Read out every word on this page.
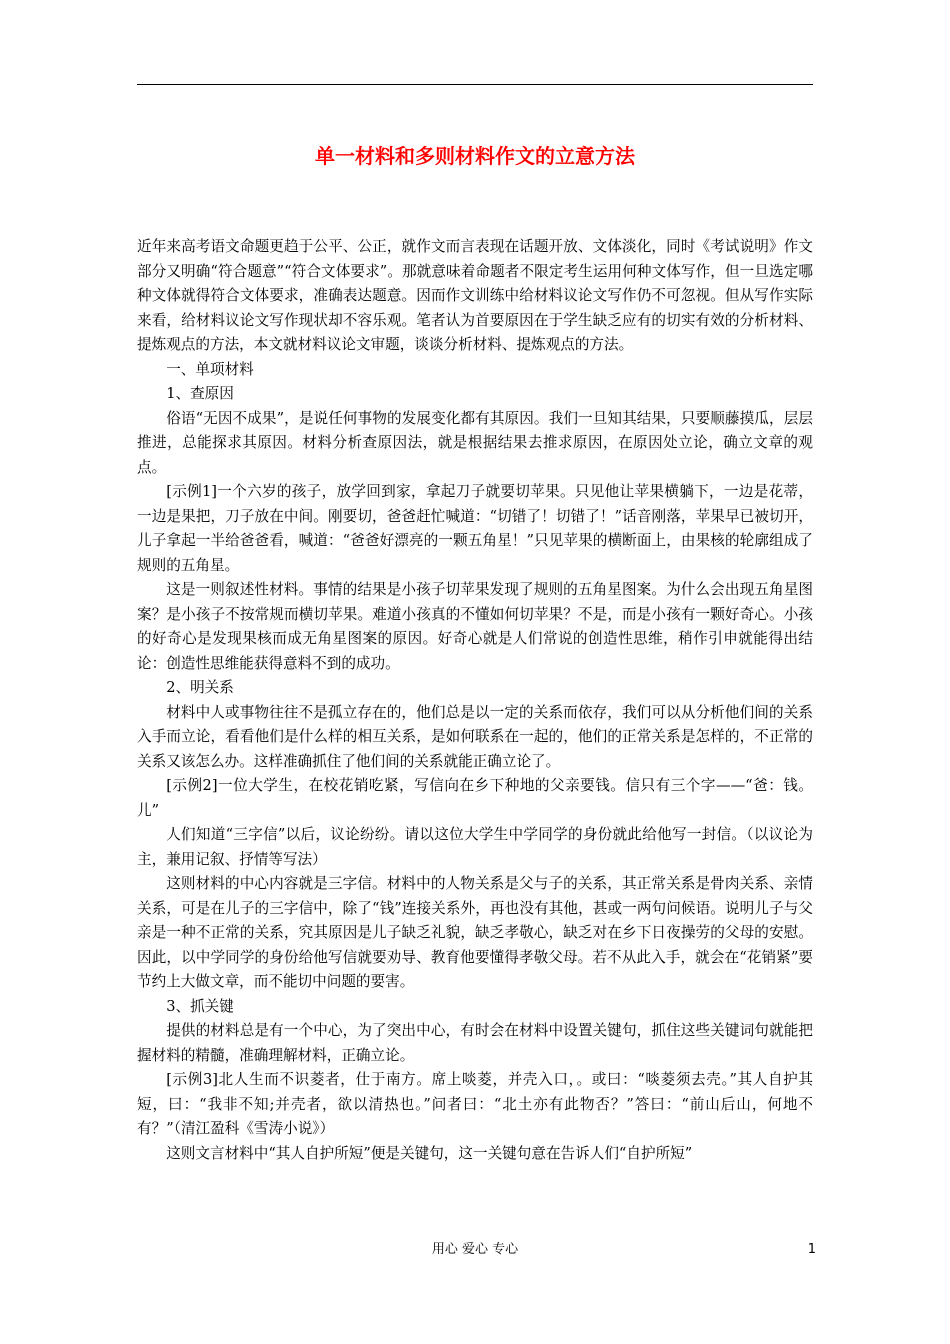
单一材料和多则材料作文的立意方法

近年来高考语文命题更趋于公平、公正，就作文而言表现在话题开放、文体淡化，同时《考试说明》作文部分又明确“符合题意”“符合文体要求”。那就意味着命题者不限定考生运用何种文体写作，但一旦选定哪种文体就得符合文体要求，准确表达题意。因而作文训练中给材料议论文写作仍不可忽视。但从写作实际来看，给材料议论文写作现状却不容乐观。笔者认为首要原因在于学生缺乏应有的切实有效的分析材料、提炼观点的方法，本文就材料议论文审题，谈谈分析材料、提炼观点的方法。

一、单项材料

1、查原因

俗语“无因不成果”，是说任何事物的发展变化都有其原因。我们一旦知其结果，只要顺藤摸瓜，层层推进，总能探求其原因。材料分析查原因法，就是根据结果去推求原因，在原因处立论，确立文章的观点。

[示例1]一个六岁的孩子，放学回到家，拿起刀子就要切苹果。只见他让苹果横躺下，一边是花蒂，一边是果把，刀子放在中间。刚要切，爸爸赶忙喊道：“切错了！切错了！”话音刚落，苹果早已被切开，儿子拿起一半给爸爸看，喊道：“爸爸好漂亮的一颗五角星！”只见苹果的横断面上，由果核的轮廓组成了规则的五角星。

这是一则叙述性材料。事情的结果是小孩子切苹果发现了规则的五角星图案。为什么会出现五角星图案？是小孩子不按常规而横切苹果。难道小孩真的不懂如何切苹果？不是，而是小孩有一颗好奇心。小孩的好奇心是发现果核而成无角星图案的原因。好奇心就是人们常说的创造性思维，稍作引申就能得出结论：创造性思维能获得意料不到的成功。

2、明关系

材料中人或事物往往不是孤立存在的，他们总是以一定的关系而依存，我们可以从分析他们间的关系入手而立论，看看他们是什么样的相互关系，是如何联系在一起的，他们的正常关系是怎样的，不正常的关系又该怎么办。这样准确抓住了他们间的关系就能正确立论了。

[示例2]一位大学生，在校花销吃紧，写信向在乡下种地的父亲要钱。信只有三个字——“爸：钱。儿”

人们知道“三字信”以后，议论纷纷。请以这位大学生中学同学的身份就此给他写一封信。（以议论为主，兼用记叙、抒情等写法）

这则材料的中心内容就是三字信。材料中的人物关系是父与子的关系，其正常关系是骨肉关系、亲情关系，可是在儿子的三字信中，除了“钱”连接关系外，再也没有其他，甚或一两句问候语。说明儿子与父亲是一种不正常的关系，究其原因是儿子缺乏礼貌，缺乏孝敬心，缺乏对在乡下日夜操劳的父母的安慰。因此，以中学同学的身份给他写信就要劝导、教育他要懂得孝敬父母。若不从此入手，就会在“花销紧”要节约上大做文章，而不能切中问题的要害。

3、抓关键

提供的材料总是有一个中心，为了突出中心，有时会在材料中设置关键句，抓住这些关键词句就能把握材料的精髓，准确理解材料，正确立论。

[示例3]北人生而不识菱者，仕于南方。席上啖菱，并壳入口，。或曰：“啖菱须去壳。”其人自护其短，曰：“我非不知;并壳者，欲以清热也。”问者曰：“北土亦有此物否？”答曰：“前山后山，何地不有？”（清江盈科《雪涛小说》）

这则文言材料中“其人自护所短”便是关键句，这一关键句意在告诉人们“自护所短”

用心 爱心 专心	1
